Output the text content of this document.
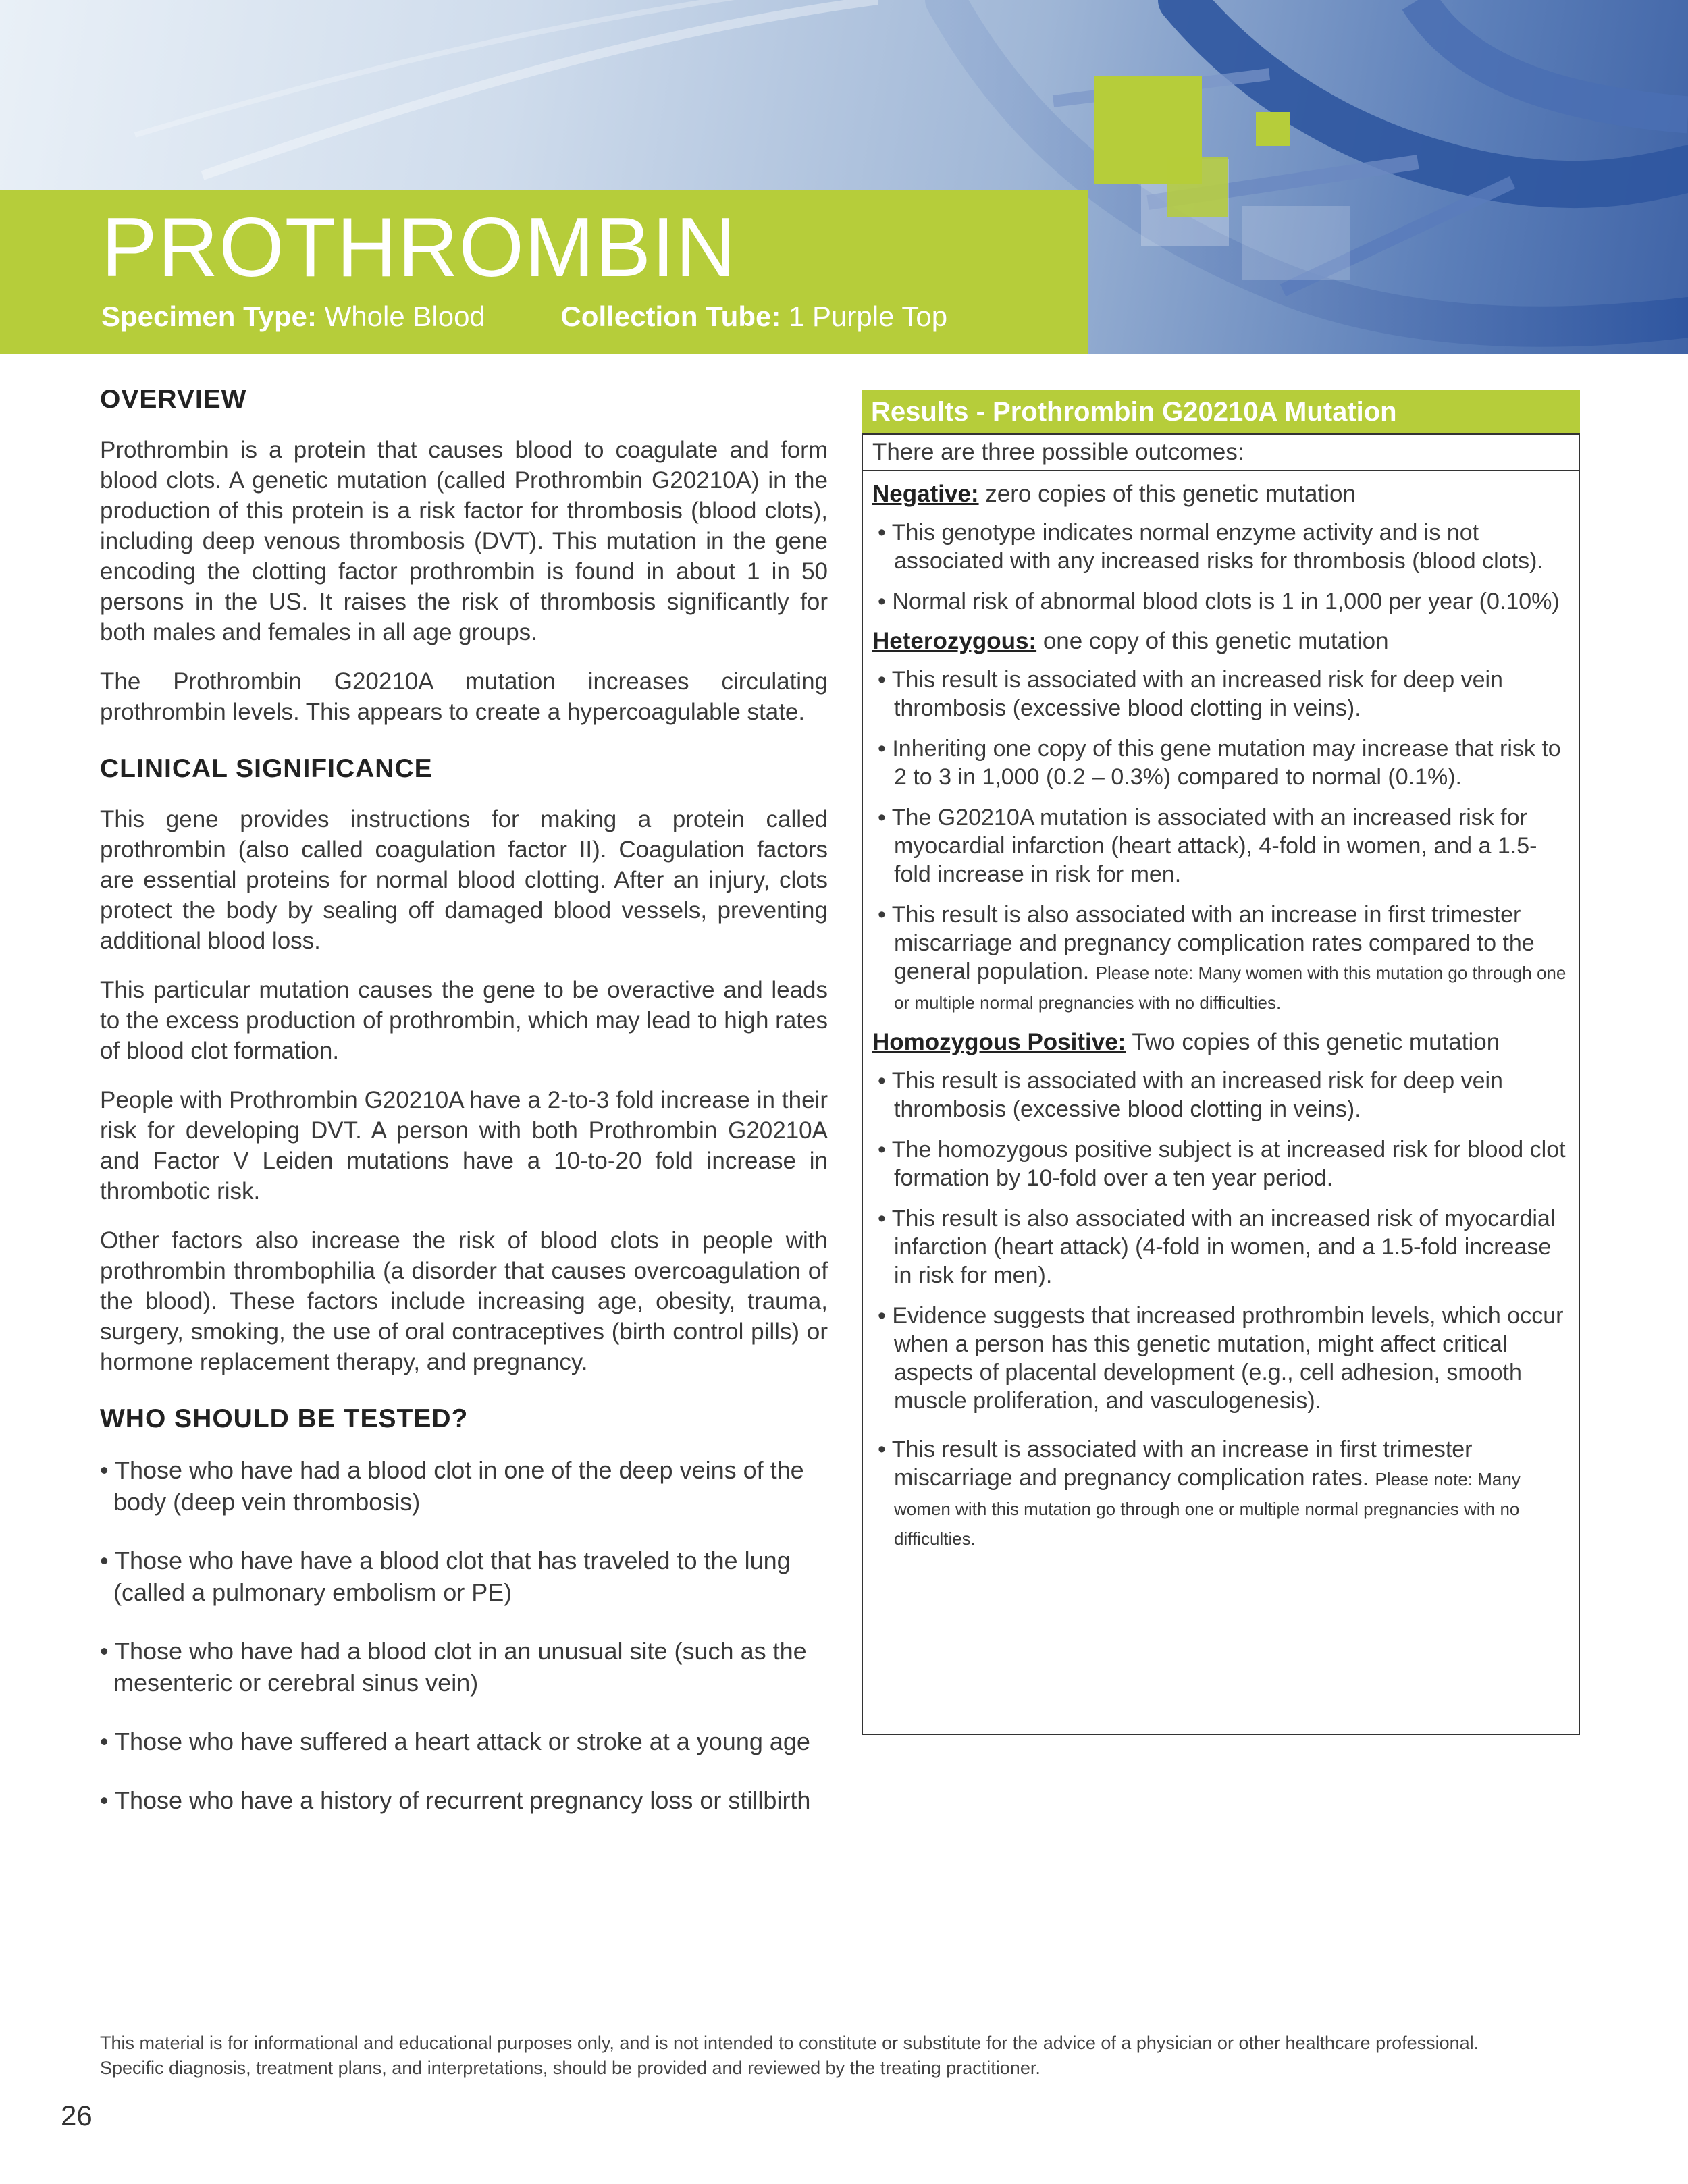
PROTHROMBIN
Specimen Type: Whole Blood	Collection Tube: 1 Purple Top
OVERVIEW

Prothrombin is a protein that causes blood to coagulate and form blood clots. A genetic mutation (called Prothrombin G20210A) in the production of this protein is a risk factor for thrombosis (blood clots), including deep venous thrombosis (DVT). This mutation in the gene encoding the clotting factor prothrombin is found in about 1 in 50 persons in the US. It raises the risk of thrombosis significantly for both males and females in all age groups.

The Prothrombin G20210A mutation increases circulating prothrombin levels. This appears to create a hypercoagulable state.

CLINICAL SIGNIFICANCE

This gene provides instructions for making a protein called prothrombin (also called coagulation factor II). Coagulation factors are essential proteins for normal blood clotting. After an injury, clots protect the body by sealing off damaged blood vessels, preventing additional blood loss.

This particular mutation causes the gene to be overactive and leads to the excess production of prothrombin, which may lead to high rates of blood clot formation.

People with Prothrombin G20210A have a 2-to-3 fold increase in their risk for developing DVT. A person with both Prothrombin G20210A and Factor V Leiden mutations have a 10-to-20 fold increase in thrombotic risk.

Other factors also increase the risk of blood clots in people with prothrombin thrombophilia (a disorder that causes overcoagulation of the blood). These factors include increasing age, obesity, trauma, surgery, smoking, the use of oral contraceptives (birth control pills) or hormone replacement therapy, and pregnancy.

WHO SHOULD BE TESTED?
• Those who have had a blood clot in one of the deep veins of the body (deep vein thrombosis)
• Those who have have a blood clot that has traveled to the lung (called a pulmonary embolism or PE)
• Those who have had a blood clot in an unusual site (such as the mesenteric or cerebral sinus vein)
• Those who have suffered a heart attack or stroke at a young age
• Those who have a history of recurrent pregnancy loss or stillbirth
Results - Prothrombin G20210A Mutation
There are three possible outcomes:
Negative: zero copies of this genetic mutation
• This genotype indicates normal enzyme activity and is not associated with any increased risks for thrombosis (blood clots).
• Normal risk of abnormal blood clots is 1 in 1,000 per year (0.10%)
Heterozygous: one copy of this genetic mutation
• This result is associated with an increased risk for deep vein thrombosis (excessive blood clotting in veins).
• Inheriting one copy of this gene mutation may increase that risk to 2 to 3 in 1,000 (0.2 – 0.3%) compared to normal (0.1%).
• The G20210A mutation is associated with an increased risk for myocardial infarction (heart attack), 4-fold in women, and a 1.5-fold increase in risk for men.
• This result is also associated with an increase in first trimester miscarriage and pregnancy complication rates compared to the general population. Please note: Many women with this mutation go through one or multiple normal pregnancies with no difficulties.
Homozygous Positive: Two copies of this genetic mutation
• This result is associated with an increased risk for deep vein thrombosis (excessive blood clotting in veins).
• The homozygous positive subject is at increased risk for blood clot formation by 10-fold over a ten year period.
• This result is also associated with an increased risk of myocardial infarction (heart attack) (4-fold in women, and a 1.5-fold increase in risk for men).
• Evidence suggests that increased prothrombin levels, which occur when a person has this genetic mutation, might affect critical aspects of placental development (e.g., cell adhesion, smooth muscle proliferation, and vasculogenesis).
• This result is associated with an increase in first trimester miscarriage and pregnancy complication rates. Please note: Many women with this mutation go through one or multiple normal pregnancies with no difficulties.
This material is for informational and educational purposes only, and is not intended to constitute or substitute for the advice of a physician or other healthcare professional.
Specific diagnosis, treatment plans, and interpretations, should be provided and reviewed by the treating practitioner.
26
